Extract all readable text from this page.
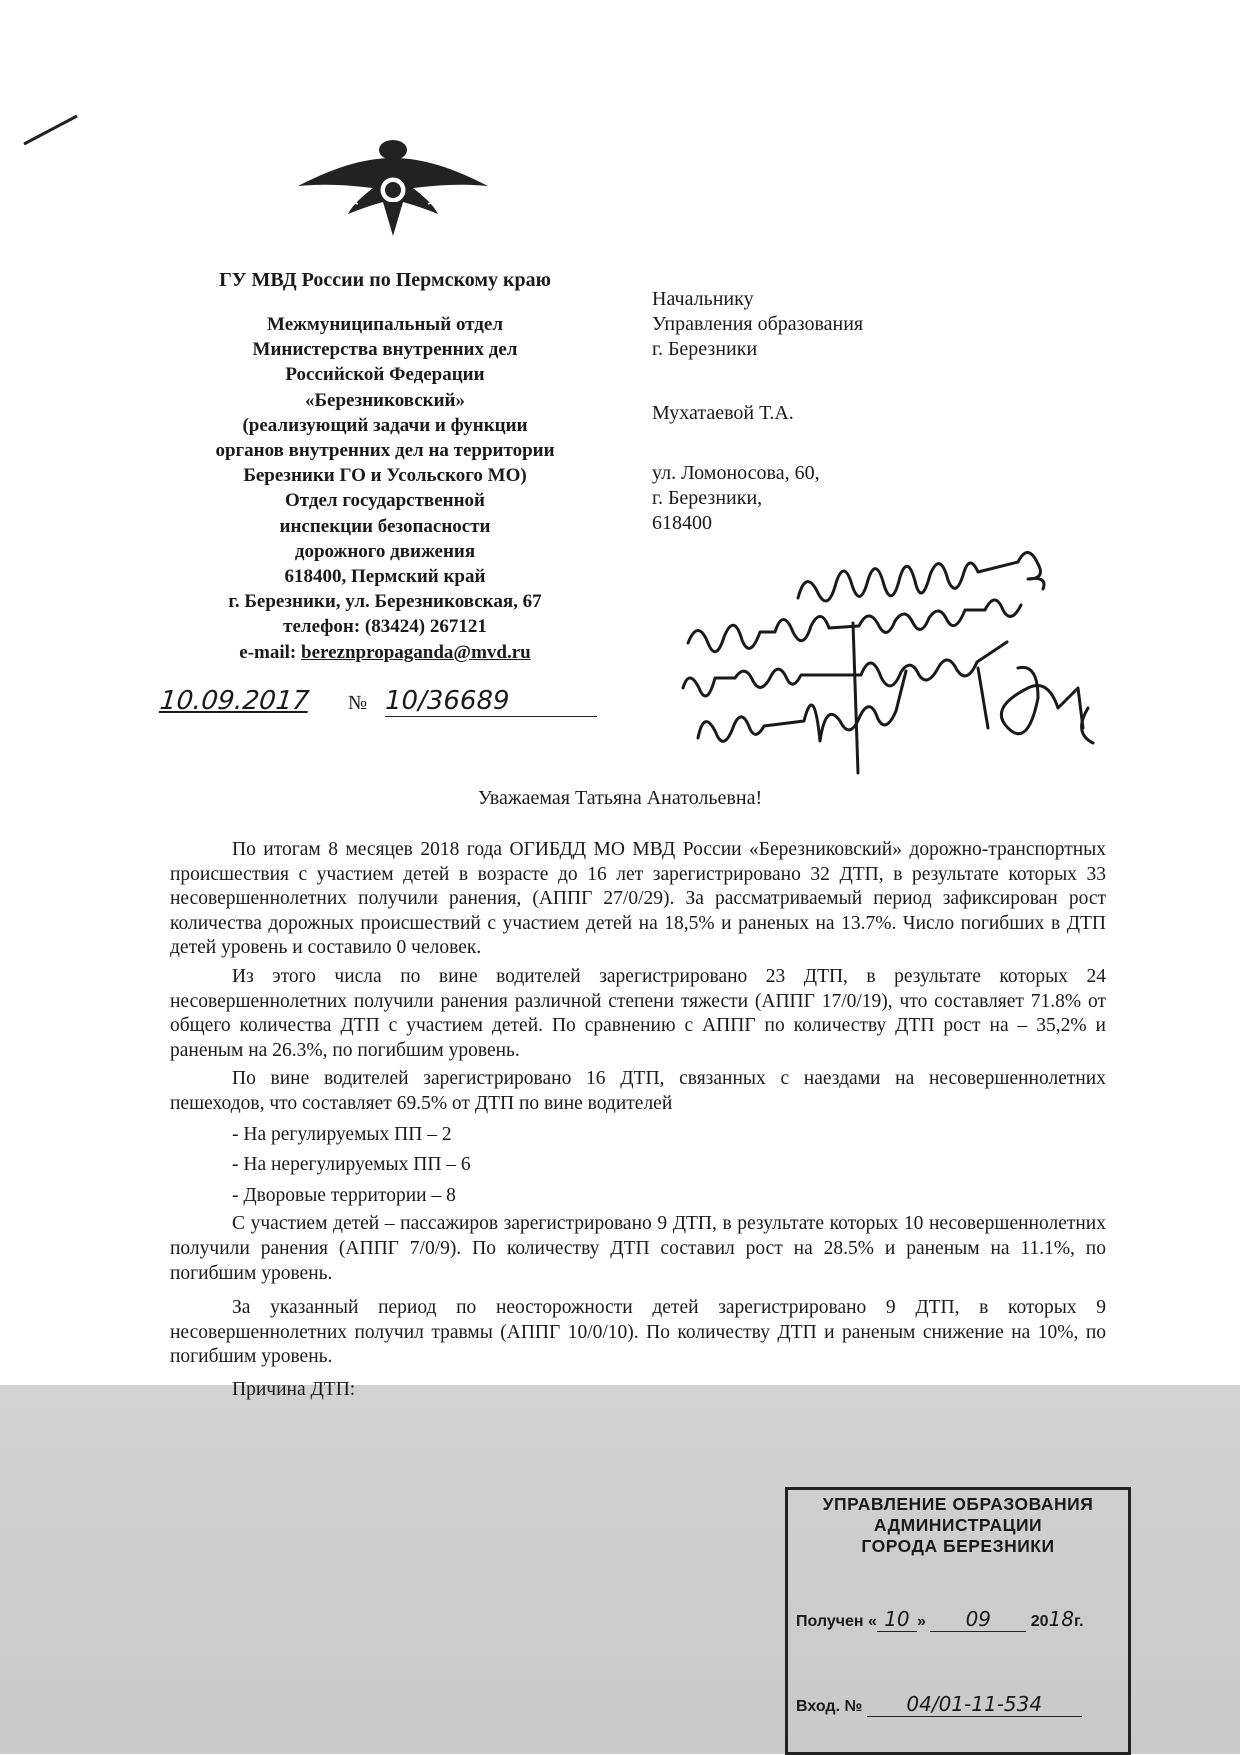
ГУ МВД России по Пермскому краю
Межмуниципальный отдел
Министерства внутренних дел
Российской Федерации
«Березниковский»
(реализующий задачи и функции
органов внутренних дел на территории
Березники ГО и Усольского МО)
Отдел государственной
инспекции безопасности
дорожного движения
618400, Пермский край
г. Березники, ул. Березниковская, 67
телефон: (83424) 267121
e-mail: bereznpropaganda@mvd.ru
10.09.2017 № 10/36689
Начальнику
Управления образования
г. Березники
Мухатаевой Т.А.
ул. Ломоносова, 60,
г. Березники,
618400
Уважаемая Татьяна Анатольевна!

По итогам 8 месяцев 2018 года ОГИБДД МО МВД России «Березниковский» дорожно-транспортных происшествия с участием детей в возрасте до 16 лет зарегистрировано 32 ДТП, в результате которых 33 несовершеннолетних получили ранения, (АППГ 27/0/29). За рассматриваемый период зафиксирован рост количества дорожных происшествий с участием детей на 18,5% и раненых на 13.7%. Число погибших в ДТП детей уровень и составило 0 человек.

Из этого числа по вине водителей зарегистрировано 23 ДТП, в результате которых 24 несовершеннолетних получили ранения различной степени тяжести (АППГ 17/0/19), что составляет 71.8% от общего количества ДТП с участием детей. По сравнению с АППГ по количеству ДТП рост на – 35,2% и раненым на 26.3%, по погибшим уровень.

По вине водителей зарегистрировано 16 ДТП, связанных с наездами на несовершеннолетних пешеходов, что составляет 69.5% от ДТП по вине водителей

- На регулируемых ПП – 2
- На нерегулируемых ПП – 6
- Дворовые территории – 8

С участием детей – пассажиров зарегистрировано 9 ДТП, в результате которых 10 несовершеннолетних получили ранения (АППГ 7/0/9). По количеству ДТП составил рост на 28.5% и раненым на 11.1%, по погибшим уровень.

За указанный период по неосторожности детей зарегистрировано 9 ДТП, в которых 9 несовершеннолетних получил травмы (АППГ 10/0/10). По количеству ДТП и раненым снижение на 10%, по погибшим уровень.

Причина ДТП:

УПРАВЛЕНИЕ ОБРАЗОВАНИЯ
АДМИНИСТРАЦИИ
ГОРОДА БЕРЕЗНИКИ
Получен « 10 » 09 2018г.
Вход. № 04/01-11-534
